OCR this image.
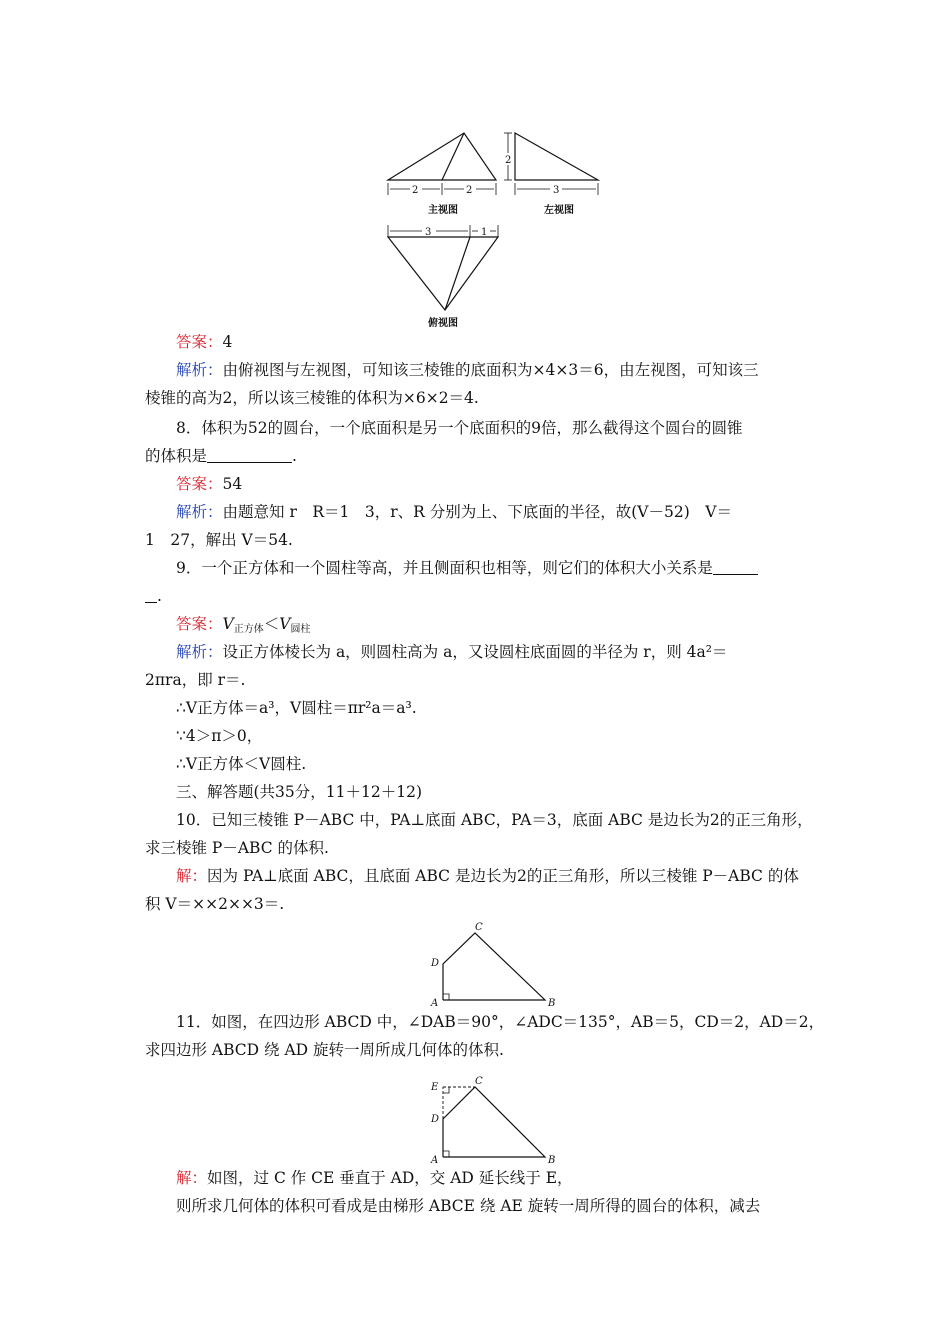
2	2
2
3
3	1
主视图	左视图
俯视图
答案：4
解析：由俯视图与左视图，可知该三棱锥的底面积为×4×3＝6，由左视图，可知该三
棱锥的高为2，所以该三棱锥的体积为×6×2＝4.
8．体积为52的圆台，一个底面积是另一个底面积的9倍，那么截得这个圆台的圆锥
的体积是	.
答案：54
解析：由题意知 r　R＝1　3，r、R 分别为上、下底面的半径，故(V－52)　V＝
1　27，解出 V＝54.
9．一个正方体和一个圆柱等高，并且侧面积也相等，则它们的体积大小关系是
.
答案：$V_{正方体}<V_{圆柱}$
解析：设正方体棱长为 a，则圆柱高为 a，又设圆柱底面圆的半径为 r，则 4a²＝
2πra，即 r＝.
∴V正方体＝a³，V圆柱＝πr²a＝a³.
∵4＞π＞0，
∴V正方体＜V圆柱.
三、解答题(共35分，11＋12＋12)
10．已知三棱锥 P－ABC 中，PA⊥底面 ABC，PA＝3，底面 ABC 是边长为2的正三角形，
求三棱锥 P－ABC 的体积.
解：因为 PA⊥底面 ABC，且底面 ABC 是边长为2的正三角形，所以三棱锥 P－ABC 的体
积 V＝××2××3＝.
C
D
A	B
11．如图，在四边形 ABCD 中，∠DAB＝90°，∠ADC＝135°，AB＝5，CD＝2，AD＝2，
求四边形 ABCD 绕 AD 旋转一周所成几何体的体积.
E
C
D
A	B
解：如图，过 C 作 CE 垂直于 AD，交 AD 延长线于 E，
则所求几何体的体积可看成是由梯形 ABCE 绕 AE 旋转一周所得的圆台的体积，减去
